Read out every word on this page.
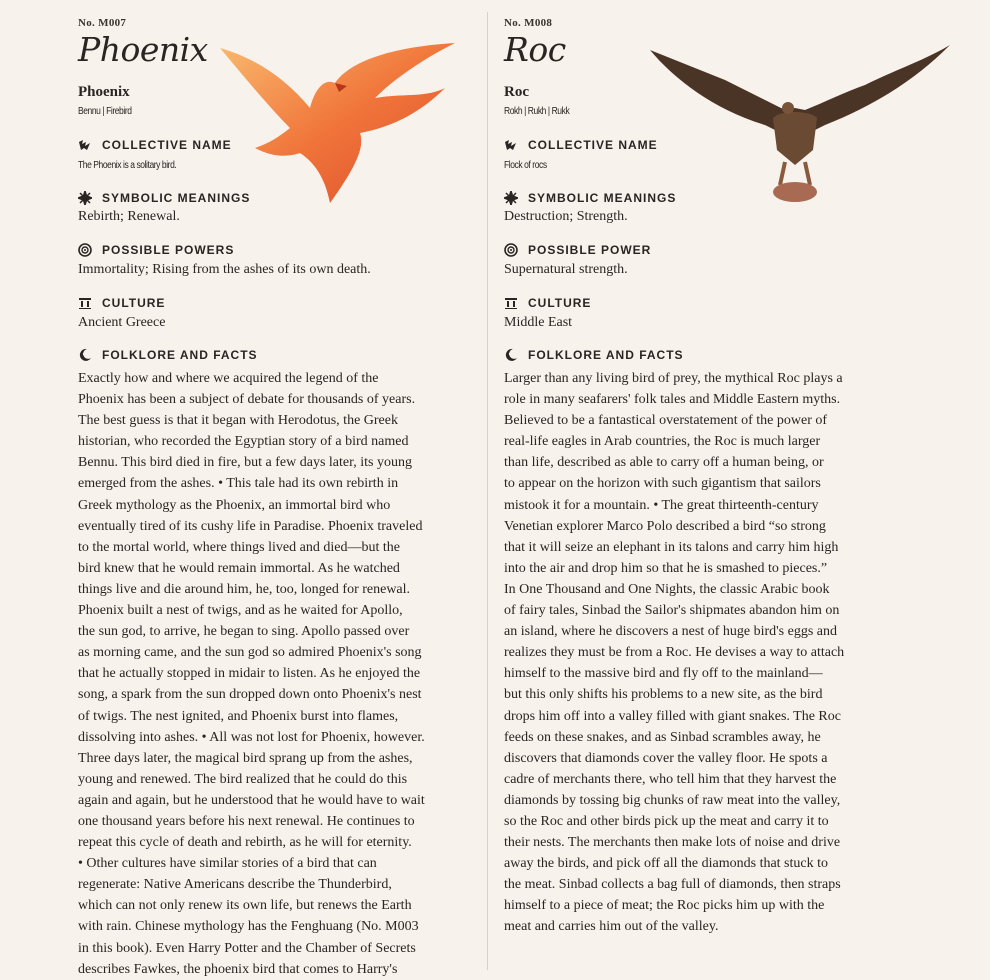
No. M007
Phoenix
Phoenix
Bennu | Firebird
COLLECTIVE NAME
The Phoenix is a solitary bird.
SYMBOLIC MEANINGS
Rebirth; Renewal.
POSSIBLE POWERS
Immortality; Rising from the ashes of its own death.
CULTURE
Ancient Greece
FOLKLORE AND FACTS
Exactly how and where we acquired the legend of the
Phoenix has been a subject of debate for thousands of years.
The best guess is that it began with Herodotus, the Greek
historian, who recorded the Egyptian story of a bird named
Bennu. This bird died in fire, but a few days later, its young
emerged from the ashes. • This tale had its own rebirth in
Greek mythology as the Phoenix, an immortal bird who
eventually tired of its cushy life in Paradise. Phoenix traveled
to the mortal world, where things lived and died—but the
bird knew that he would remain immortal. As he watched
things live and die around him, he, too, longed for renewal.
Phoenix built a nest of twigs, and as he waited for Apollo,
the sun god, to arrive, he began to sing. Apollo passed over
as morning came, and the sun god so admired Phoenix's song
that he actually stopped in midair to listen. As he enjoyed the
song, a spark from the sun dropped down onto Phoenix's nest
of twigs. The nest ignited, and Phoenix burst into flames,
dissolving into ashes. • All was not lost for Phoenix, however.
Three days later, the magical bird sprang up from the ashes,
young and renewed. The bird realized that he could do this
again and again, but he understood that he would have to wait
one thousand years before his next renewal. He continues to
repeat this cycle of death and rebirth, as he will for eternity.
• Other cultures have similar stories of a bird that can
regenerate: Native Americans describe the Thunderbird,
which can not only renew its own life, but renews the Earth
with rain. Chinese mythology has the Fenghuang (No. M003
in this book). Even Harry Potter and the Chamber of Secrets
describes Fawkes, the phoenix bird that comes to Harry's
No. M008
Roc
Roc
Rokh | Rukh | Rukk
COLLECTIVE NAME
Flock of rocs
SYMBOLIC MEANINGS
Destruction; Strength.
POSSIBLE POWER
Supernatural strength.
CULTURE
Middle East
FOLKLORE AND FACTS
Larger than any living bird of prey, the mythical Roc plays a
role in many seafarers' folk tales and Middle Eastern myths.
Believed to be a fantastical overstatement of the power of
real-life eagles in Arab countries, the Roc is much larger
than life, described as able to carry off a human being, or
to appear on the horizon with such gigantism that sailors
mistook it for a mountain. • The great thirteenth-century
Venetian explorer Marco Polo described a bird “so strong
that it will seize an elephant in its talons and carry him high
into the air and drop him so that he is smashed to pieces.”
In One Thousand and One Nights, the classic Arabic book
of fairy tales, Sinbad the Sailor's shipmates abandon him on
an island, where he discovers a nest of huge bird's eggs and
realizes they must be from a Roc. He devises a way to attach
himself to the massive bird and fly off to the mainland—
but this only shifts his problems to a new site, as the bird
drops him off into a valley filled with giant snakes. The Roc
feeds on these snakes, and as Sinbad scrambles away, he
discovers that diamonds cover the valley floor. He spots a
cadre of merchants there, who tell him that they harvest the
diamonds by tossing big chunks of raw meat into the valley,
so the Roc and other birds pick up the meat and carry it to
their nests. The merchants then make lots of noise and drive
away the birds, and pick off all the diamonds that stuck to
the meat. Sinbad collects a bag full of diamonds, then straps
himself to a piece of meat; the Roc picks him up with the
meat and carries him out of the valley.
